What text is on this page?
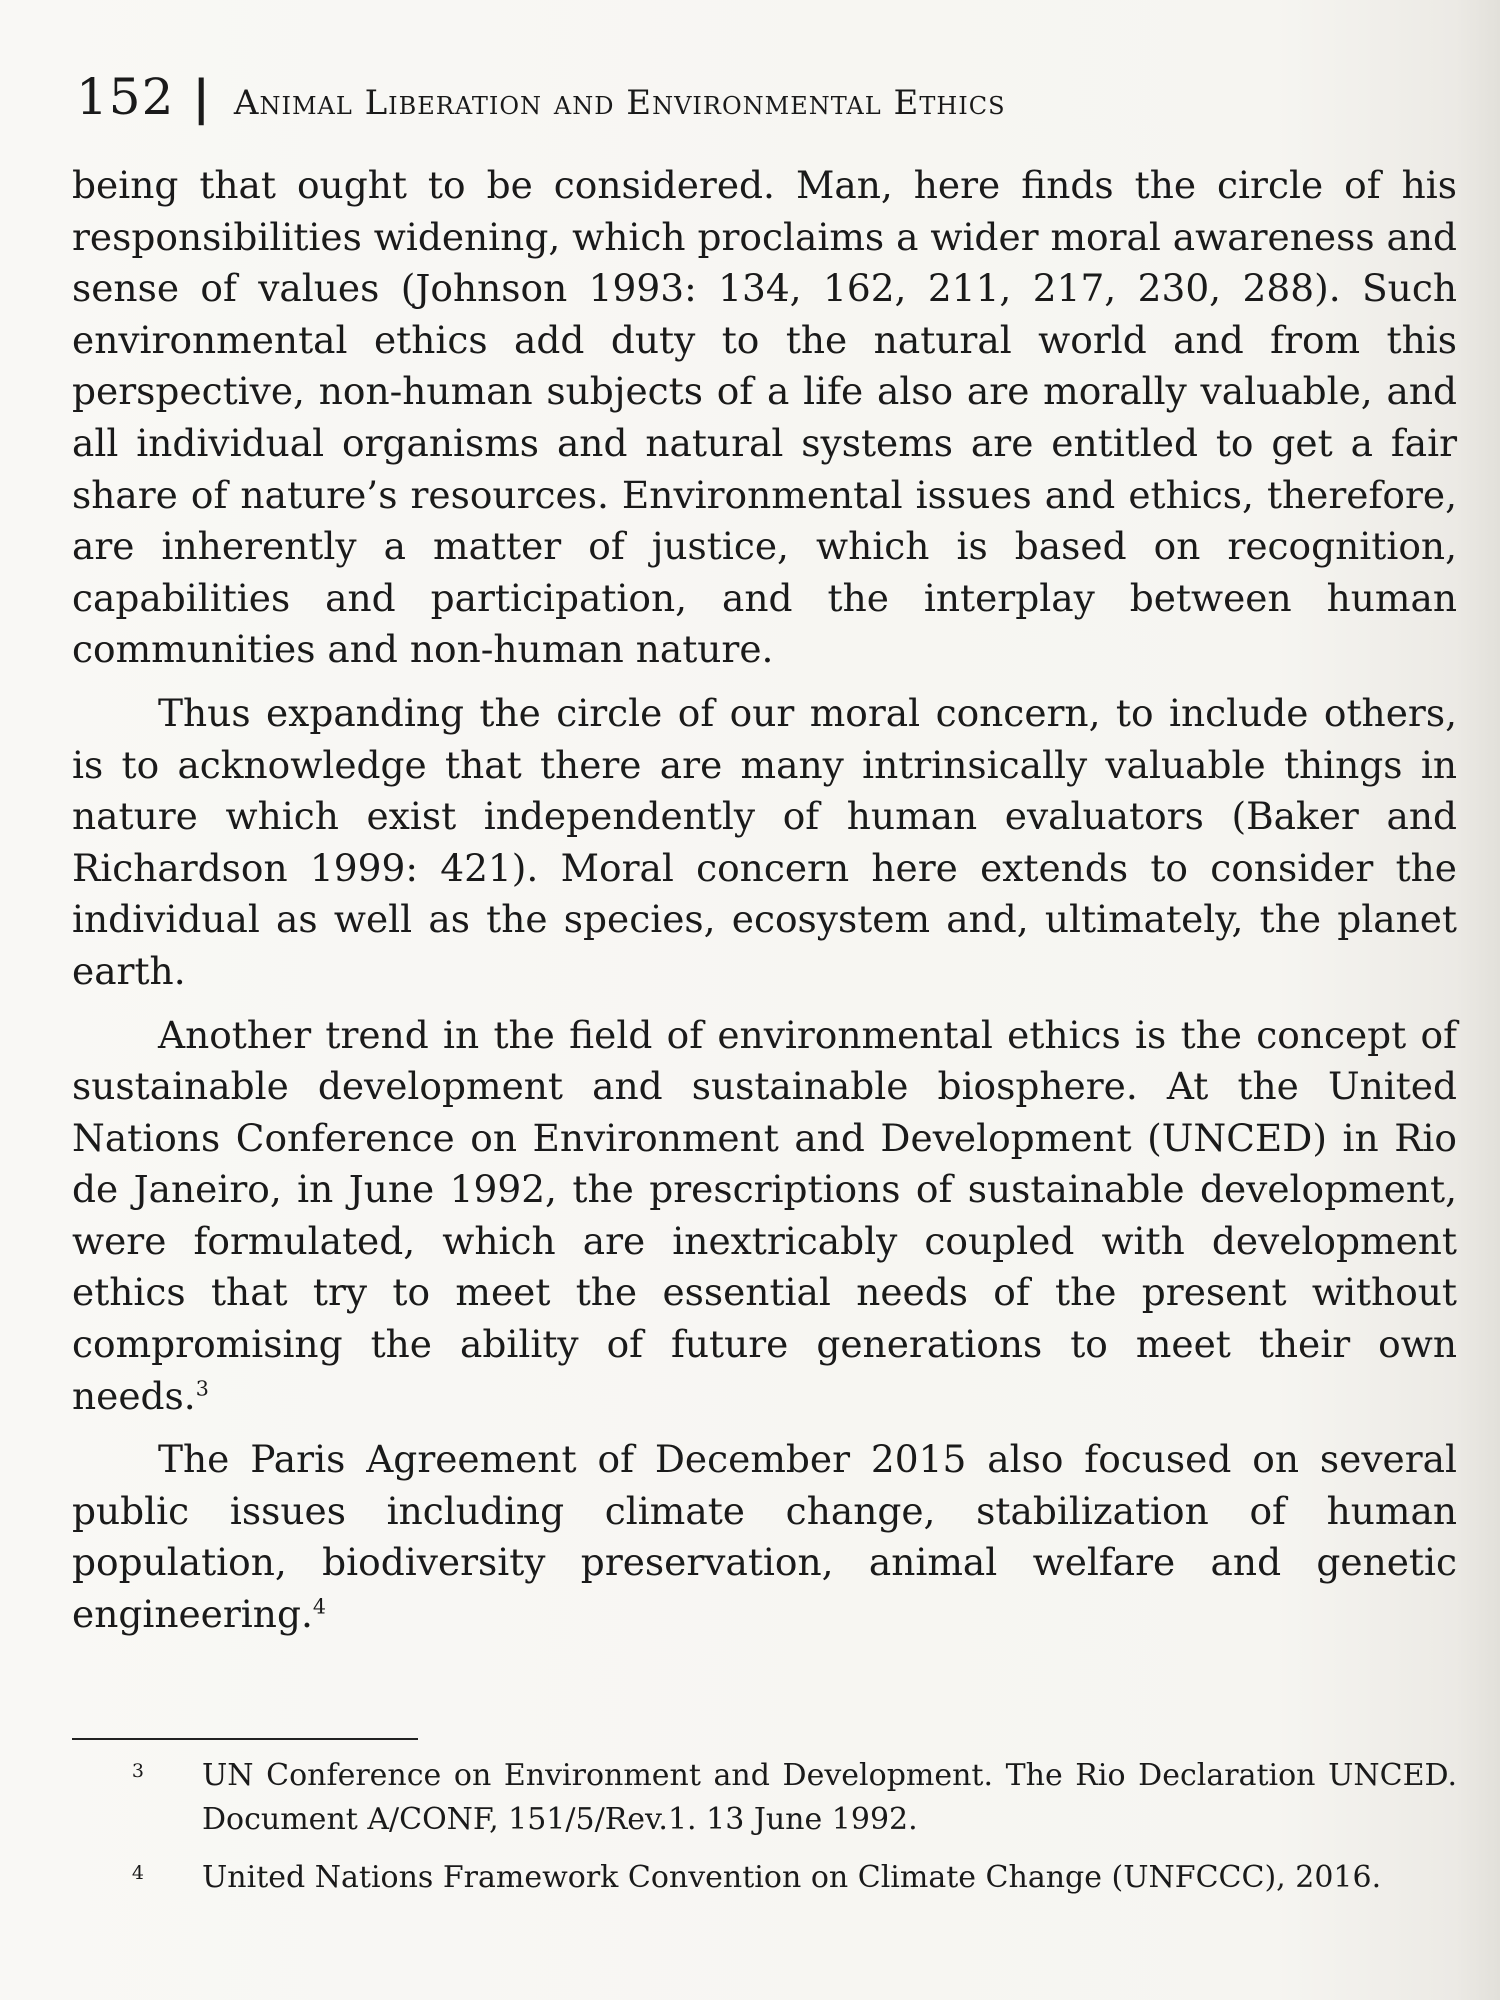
152 | Animal Liberation and Environmental Ethics

being that ought to be considered. Man, here finds the circle of his responsibilities widening, which proclaims a wider moral awareness and sense of values (Johnson 1993: 134, 162, 211, 217, 230, 288). Such environmental ethics add duty to the natural world and from this perspective, non-human subjects of a life also are morally valuable, and all individual organisms and natural systems are entitled to get a fair share of nature’s resources. Environmental issues and ethics, therefore, are inherently a matter of justice, which is based on recognition, capabilities and participation, and the interplay between human communities and non-human nature.

Thus expanding the circle of our moral concern, to include others, is to acknowledge that there are many intrinsically valuable things in nature which exist independently of human evaluators (Baker and Richardson 1999: 421). Moral concern here extends to consider the individual as well as the species, ecosystem and, ultimately, the planet earth.

Another trend in the field of environmental ethics is the concept of sustainable development and sustainable biosphere. At the United Nations Conference on Environment and Development (UNCED) in Rio de Janeiro, in June 1992, the prescriptions of sustainable development, were formulated, which are inextricably coupled with development ethics that try to meet the essential needs of the present without compromising the ability of future generations to meet their own needs.$^3$

The Paris Agreement of December 2015 also focused on several public issues including climate change, stabilization of human population, biodiversity preservation, animal welfare and genetic engineering.$^4$

3	UN Conference on Environment and Development. The Rio Declaration UNCED. Document A/CONF, 151/5/Rev.1. 13 June 1992.
4	United Nations Framework Convention on Climate Change (UNFCCC), 2016.
